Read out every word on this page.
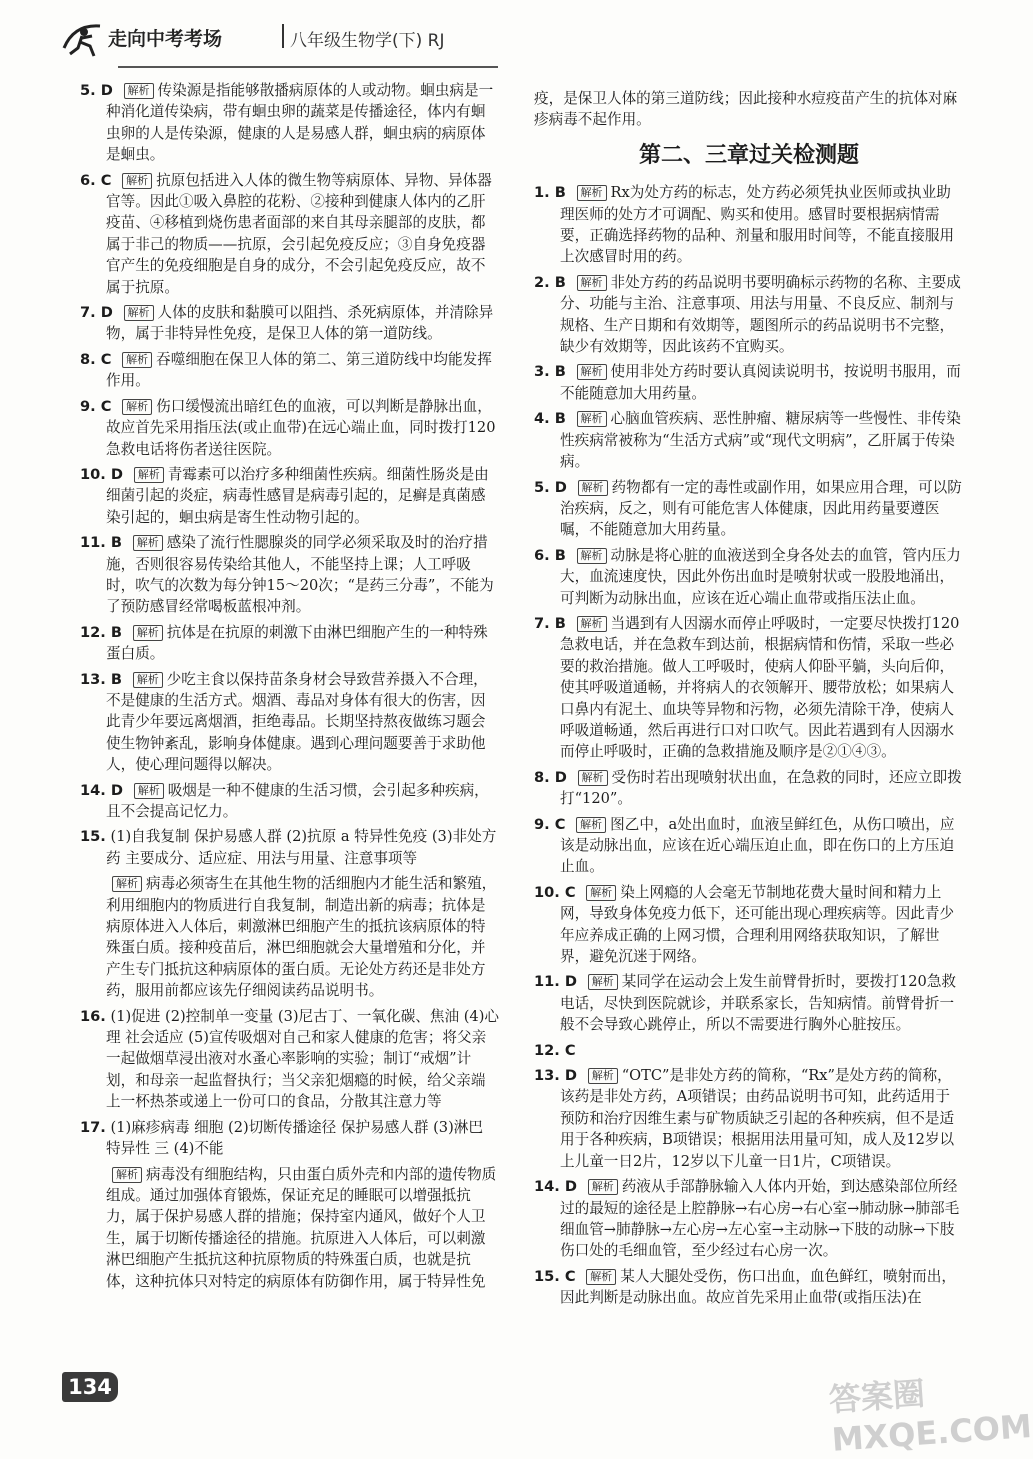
走向中考考场	八年级生物学(下) RJ
5. D 解析 传染源是指能够散播病原体的人或动物。蛔虫病是一种消化道传染病，带有蛔虫卵的蔬菜是传播途径，体内有蛔虫卵的人是传染源，健康的人是易感人群，蛔虫病的病原体是蛔虫。
6. C 解析 抗原包括进入人体的微生物等病原体、异物、异体器官等。因此①吸入鼻腔的花粉、②接种到健康人体内的乙肝疫苗、④移植到烧伤患者面部的来自其母亲腿部的皮肤，都属于非己的物质——抗原，会引起免疫反应；③自身免疫器官产生的免疫细胞是自身的成分，不会引起免疫反应，故不属于抗原。
7. D 解析 人体的皮肤和黏膜可以阻挡、杀死病原体，并清除异物，属于非特异性免疫，是保卫人体的第一道防线。
8. C 解析 吞噬细胞在保卫人体的第二、第三道防线中均能发挥作用。
9. C 解析 伤口缓慢流出暗红色的血液，可以判断是静脉出血，故应首先采用指压法(或止血带)在远心端止血，同时拨打120急救电话将伤者送往医院。
10. D 解析 青霉素可以治疗多种细菌性疾病。细菌性肠炎是由细菌引起的炎症，病毒性感冒是病毒引起的，足癣是真菌感染引起的，蛔虫病是寄生性动物引起的。
11. B 解析 感染了流行性腮腺炎的同学必须采取及时的治疗措施，否则很容易传染给其他人，不能坚持上课；人工呼吸时，吹气的次数为每分钟15～20次；“是药三分毒”，不能为了预防感冒经常喝板蓝根冲剂。
12. B 解析 抗体是在抗原的刺激下由淋巴细胞产生的一种特殊蛋白质。
13. B 解析 少吃主食以保持苗条身材会导致营养摄入不合理，不是健康的生活方式。烟酒、毒品对身体有很大的伤害，因此青少年要远离烟酒，拒绝毒品。长期坚持熬夜做练习题会使生物钟紊乱，影响身体健康。遇到心理问题要善于求助他人，使心理问题得以解决。
14. D 解析 吸烟是一种不健康的生活习惯，会引起多种疾病，且不会提高记忆力。
15. (1)自我复制 保护易感人群 (2)抗原 a 特异性免疫 (3)非处方药 主要成分、适应症、用法与用量、注意事项等
解析 病毒必须寄生在其他生物的活细胞内才能生活和繁殖，利用细胞内的物质进行自我复制，制造出新的病毒；抗体是病原体进入人体后，刺激淋巴细胞产生的抵抗该病原体的特殊蛋白质。接种疫苗后，淋巴细胞就会大量增殖和分化，并产生专门抵抗这种病原体的蛋白质。无论处方药还是非处方药，服用前都应该先仔细阅读药品说明书。
16. (1)促进 (2)控制单一变量 (3)尼古丁、一氧化碳、焦油 (4)心理 社会适应 (5)宣传吸烟对自己和家人健康的危害；将父亲一起做烟草浸出液对水蚤心率影响的实验；制订“戒烟”计划，和母亲一起监督执行；当父亲犯烟瘾的时候，给父亲端上一杯热茶或递上一份可口的食品，分散其注意力等
17. (1)麻疹病毒 细胞 (2)切断传播途径 保护易感人群 (3)淋巴 特异性 三 (4)不能
解析 病毒没有细胞结构，只由蛋白质外壳和内部的遗传物质组成。通过加强体育锻炼，保证充足的睡眠可以增强抵抗力，属于保护易感人群的措施；保持室内通风，做好个人卫生，属于切断传播途径的措施。抗原进入人体后，可以刺激淋巴细胞产生抵抗这种抗原物质的特殊蛋白质，也就是抗体，这种抗体只对特定的病原体有防御作用，属于特异性免
疫，是保卫人体的第三道防线；因此接种水痘疫苗产生的抗体对麻疹病毒不起作用。
第二、三章过关检测题
1. B 解析 Rx为处方药的标志，处方药必须凭执业医师或执业助理医师的处方才可调配、购买和使用。感冒时要根据病情需要，正确选择药物的品种、剂量和服用时间等，不能直接服用上次感冒时用的药。
2. B 解析 非处方药的药品说明书要明确标示药物的名称、主要成分、功能与主治、注意事项、用法与用量、不良反应、制剂与规格、生产日期和有效期等，题图所示的药品说明书不完整，缺少有效期等，因此该药不宜购买。
3. B 解析 使用非处方药时要认真阅读说明书，按说明书服用，而不能随意加大用药量。
4. B 解析 心脑血管疾病、恶性肿瘤、糖尿病等一些慢性、非传染性疾病常被称为“生活方式病”或“现代文明病”，乙肝属于传染病。
5. D 解析 药物都有一定的毒性或副作用，如果应用合理，可以防治疾病，反之，则有可能危害人体健康，因此用药量要遵医嘱，不能随意加大用药量。
6. B 解析 动脉是将心脏的血液送到全身各处去的血管，管内压力大，血流速度快，因此外伤出血时是喷射状或一股股地涌出，可判断为动脉出血，应该在近心端止血带或指压法止血。
7. B 解析 当遇到有人因溺水而停止呼吸时，一定要尽快拨打120急救电话，并在急救车到达前，根据病情和伤情，采取一些必要的救治措施。做人工呼吸时，使病人仰卧平躺，头向后仰，使其呼吸道通畅，并将病人的衣领解开、腰带放松；如果病人口鼻内有泥土、血块等异物和污物，必须先清除干净，使病人呼吸道畅通，然后再进行口对口吹气。因此若遇到有人因溺水而停止呼吸时，正确的急救措施及顺序是②①④③。
8. D 解析 受伤时若出现喷射状出血，在急救的同时，还应立即拨打“120”。
9. C 解析 图乙中，a处出血时，血液呈鲜红色，从伤口喷出，应该是动脉出血，应该在近心端压迫止血，即在伤口的上方压迫止血。
10. C 解析 染上网瘾的人会毫无节制地花费大量时间和精力上网，导致身体免疫力低下，还可能出现心理疾病等。因此青少年应养成正确的上网习惯，合理利用网络获取知识，了解世界，避免沉迷于网络。
11. D 解析 某同学在运动会上发生前臂骨折时，要拨打120急救电话，尽快到医院就诊，并联系家长，告知病情。前臂骨折一般不会导致心跳停止，所以不需要进行胸外心脏按压。
12. C
13. D 解析 “OTC”是非处方药的简称，“Rx”是处方药的简称，该药是非处方药，A项错误；由药品说明书可知，此药适用于预防和治疗因维生素与矿物质缺乏引起的各种疾病，但不是适用于各种疾病，B项错误；根据用法用量可知，成人及12岁以上儿童一日2片，12岁以下儿童一日1片，C项错误。
14. D 解析 药液从手部静脉输入人体内开始，到达感染部位所经过的最短的途径是上腔静脉→右心房→右心室→肺动脉→肺部毛细血管→肺静脉→左心房→左心室→主动脉→下肢的动脉→下肢伤口处的毛细血管，至少经过右心房一次。
15. C 解析 某人大腿处受伤，伤口出血，血色鲜红，喷射而出，因此判断是动脉出血。故应首先采用止血带(或指压法)在
134	答案圈 MXQE.COM
